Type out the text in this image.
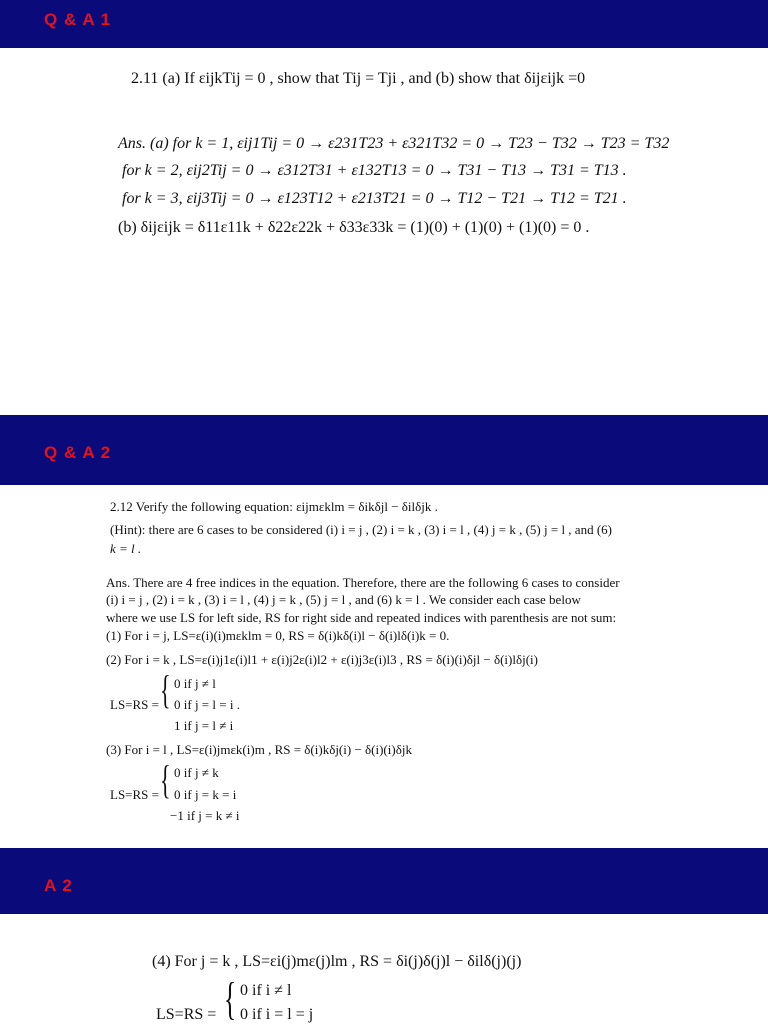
Q & A 1
2.11 (a) If εijkTij = 0 , show that Tij = Tji , and (b) show that δijεijk =0
Ans. (a) for k = 1, εij1Tij = 0 → ε231T23 + ε321T32 = 0 → T23 − T32 → T23 = T32
for k = 2, εij2Tij = 0 → ε312T31 + ε132T13 = 0 → T31 − T13 → T31 = T13 .
for k = 3, εij3Tij = 0 → ε123T12 + ε213T21 = 0 → T12 − T21 → T12 = T21 .
(b) δijεijk = δ11ε11k + δ22ε22k + δ33ε33k = (1)(0) + (1)(0) + (1)(0) = 0 .
Q & A 2
2.12 Verify the following equation: εijmεklm = δikδjl − δilδjk .
(Hint): there are 6 cases to be considered (i) i = j , (2) i = k , (3) i = l , (4) j = k , (5) j = l , and (6)
k = l .
Ans. There are 4 free indices in the equation. Therefore, there are the following 6 cases to consider
(i) i = j , (2) i = k , (3) i = l , (4) j = k , (5) j = l , and (6) k = l . We consider each case below
where we use LS for left side, RS for right side and repeated indices with parenthesis are not sum:
(1) For i = j, LS=ε(i)(i)mεklm = 0, RS = δ(i)kδ(i)l − δ(i)lδ(i)k = 0.
(2) For i = k , LS=ε(i)j1ε(i)l1 + ε(i)j2ε(i)l2 + ε(i)j3ε(i)l3 , RS = δ(i)(i)δjl − δ(i)lδj(i)
LS=RS = { 0 if j ≠ l
0 if j = l = i .
1 if j = l ≠ i
(3) For i = l , LS=ε(i)jmεk(i)m , RS = δ(i)kδj(i) − δ(i)(i)δjk
LS=RS = { 0 if j ≠ k
0 if j = k = i
−1 if j = k ≠ i
A 2
(4) For j = k , LS=εi(j)mε(j)lm , RS = δi(j)δ(j)l − δilδ(j)(j)
LS=RS = { 0 if i ≠ l
0 if i = l = j
